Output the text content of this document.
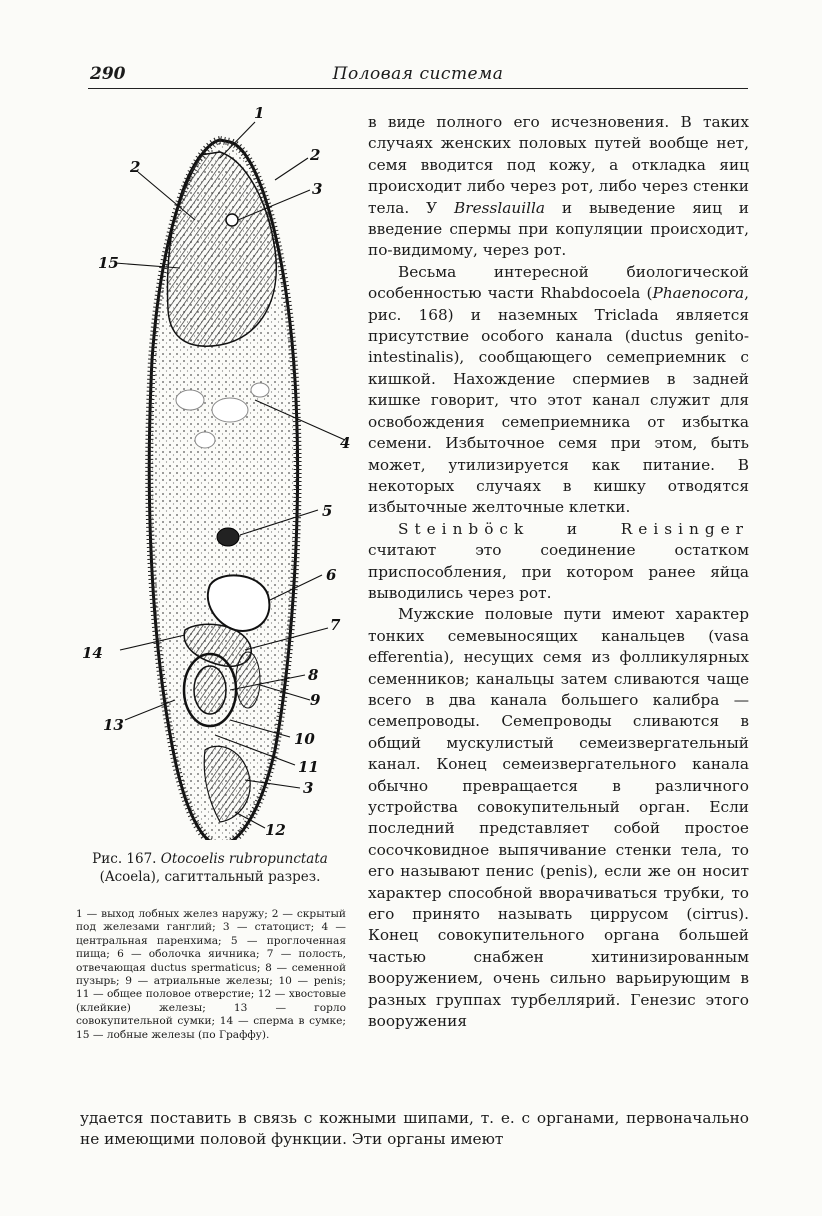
290	Половая система
1
2
2
3
15
4
5
6
7
14
8
9
13
10
11
3
12
Рис. 167. Otocoelis rubropunctata (Acoela), сагиттальный разрез.
1 — выход лобных желез наружу; 2 — скрытый под железами ганглий; 3 — статоцист; 4 — центральная паренхима; 5 — проглоченная пища; 6 — оболочка яичника; 7 — полость, отвечающая ductus spermaticus; 8 — семенной пузырь; 9 — атриальные железы; 10 — penis; 11 — общее половое отверстие; 12 — хвостовые (клейкие) железы; 13 — горло совокупительной сумки; 14 — сперма в сумке; 15 — лобные железы (по Граффу).

в виде полного его исчезновения. В таких случаях женских половых путей вообще нет, семя вводится под кожу, а откладка яиц происходит либо через рот, либо через стенки тела. У Bresslauilla и выведение яиц и введение спермы при копуляции происходит, по-видимому, через рот.

Весьма интересной биологической особенностью части Rhabdocoela (Phaenocora, рис. 168) и наземных Triclada является присутствие особого канала (ductus genito-intestinalis), сообщающего семеприемник с кишкой. Нахождение спермиев в задней кишке говорит, что этот канал служит для освобождения семеприемника от избытка семени. Избыточное семя при этом, быть может, утилизируется как питание. В некоторых случаях в кишку отводятся избыточные желточные клетки.

Steinböck и Reisinger считают это соединение остатком приспособления, при котором ранее яйца выводились через рот.

Мужские половые пути имеют характер тонких семевыносящих канальцев (vasa efferentia), несущих семя из фолликулярных семенников; канальцы затем сливаются чаще всего в два канала большего калибра — семепроводы. Семепроводы сливаются в общий мускулистый семеизвергательный канал. Конец семеизвергательного канала обычно превращается в различного устройства совокупительный орган. Если последний представляет собой простое сосочковидное выпячивание стенки тела, то его называют пенис (penis), если же он носит характер способной вворачиваться трубки, то его принято называть циррусом (cirrus). Конец совокупительного органа большей частью снабжен хитинизированным вооружением, очень сильно варьирующим в разных группах турбеллярий. Генезис этого вооружения

удается поставить в связь с кожными шипами, т. е. с органами, первоначально не имеющими половой функции. Эти органы имеют
